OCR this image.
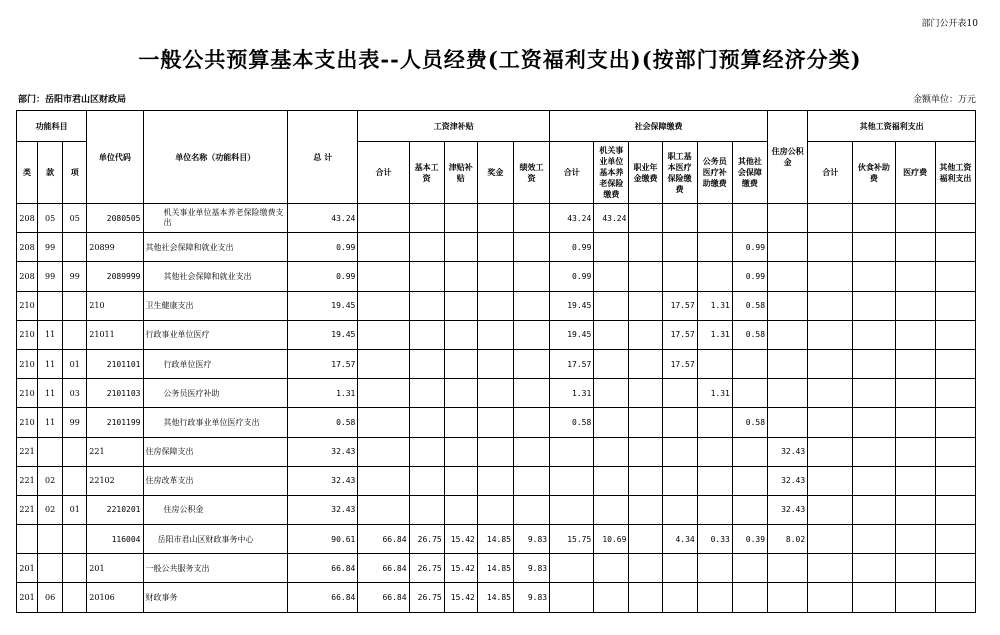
部门公开表10
一般公共预算基本支出表--人员经费(工资福利支出)(按部门预算经济分类)
部门：岳阳市君山区财政局	金额单位：万元
功能科目			单位代码	单位名称（功能科目）	总 计	工资津补贴					社会保障缴费						住房公积金	其他工资福利支出			
类	款	项				合计	基本工资	津贴补贴	奖金	绩效工资	合计	机关事业单位基本养老保险缴费	职业年金缴费	职工基本医疗保险缴费	公务员医疗补助缴费	其他社会保障缴费		合计	伙食补助费	医疗费	其他工资福利支出
208	05	05	2080505	机关事业单位基本养老保险缴费支出	43.24						43.24	43.24									
208	99		20899	其他社会保障和就业支出	0.99						0.99					0.99					
208	99	99	2089999	其他社会保障和就业支出	0.99						0.99					0.99					
210			210	卫生健康支出	19.45						19.45			17.57	1.31	0.58					
210	11		21011	行政事业单位医疗	19.45						19.45			17.57	1.31	0.58					
210	11	01	2101101	行政单位医疗	17.57						17.57			17.57							
210	11	03	2101103	公务员医疗补助	1.31						1.31				1.31						
210	11	99	2101199	其他行政事业单位医疗支出	0.58						0.58					0.58					
221			221	住房保障支出	32.43												32.43				
221	02		22102	住房改革支出	32.43												32.43				
221	02	01	2210201	住房公积金	32.43												32.43				
			116004	岳阳市君山区财政事务中心	90.61	66.84	26.75	15.42	14.85	9.83	15.75	10.69		4.34	0.33	0.39	8.02				
201			201	一般公共服务支出	66.84	66.84	26.75	15.42	14.85	9.83											
201	06		20106	财政事务	66.84	66.84	26.75	15.42	14.85	9.83											
